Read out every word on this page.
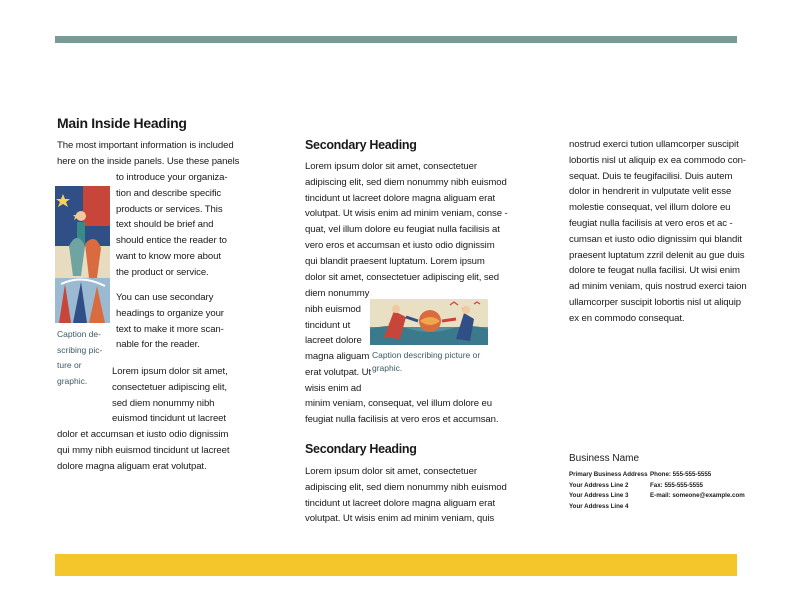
Main Inside Heading

The most important information is included
here on the inside panels. Use these panels

to introduce your organiza-
tion and describe specific
products or services. This
text should be brief and
should entice the reader to
want to know more about
the product or service.

You can use secondary
headings to organize your
text to make it more scan-
nable for the reader.

Lorem ipsum dolor sit amet,
consectetuer adipiscing elit,
sed diem nonummy nibh
euismod tincidunt ut lacreet
dolor et accumsan et iusto odio dignissim
qui mmy nibh euismod tincidunt ut lacreet
dolore magna aliguam erat volutpat.

Caption de-
scribing pic-
ture or
graphic.

Secondary Heading

Lorem ipsum dolor sit amet, consectetuer
adipiscing elit, sed diem nonummy nibh euismod
tincidunt ut lacreet dolore magna aliguam erat
volutpat. Ut wisis enim ad minim veniam, conse -
quat, vel illum dolore eu feugiat nulla facilisis at
vero eros et accumsan et iusto odio dignissim
qui blandit praesent luptatum. Lorem ipsum
dolor sit amet, consectetuer adipiscing elit, sed

diem nonummy
nibh euismod
tincidunt ut
lacreet dolore
magna aliguam
erat volutpat. Ut
wisis enim ad

minim veniam, consequat, vel illum dolore eu
feugiat nulla facilisis at vero eros et accumsan.

Secondary Heading

Lorem ipsum dolor sit amet, consectetuer
adipiscing elit, sed diem nonummy nibh euismod
tincidunt ut lacreet dolore magna aliguam erat
volutpat. Ut wisis enim ad minim veniam, quis

Caption describing picture or
graphic.

nostrud exerci tution ullamcorper suscipit
lobortis nisl ut aliquip ex ea commodo con-
sequat. Duis te feugifacilisi. Duis autem
dolor in hendrerit in vulputate velit esse
molestie consequat, vel illum dolore eu
feugiat nulla facilisis at vero eros et ac -
cumsan et iusto odio dignissim qui blandit
praesent luptatum zzril delenit au gue duis
dolore te feugat nulla facilisi. Ut wisi enim
ad minim veniam, quis nostrud exerci taion
ullamcorper suscipit lobortis nisl ut aliquip
ex en commodo consequat.

Business Name

Primary Business Address
Your Address Line 2
Your Address Line 3
Your Address Line 4
Phone: 555-555-5555
Fax: 555-555-5555
E-mail: someone@example.com
